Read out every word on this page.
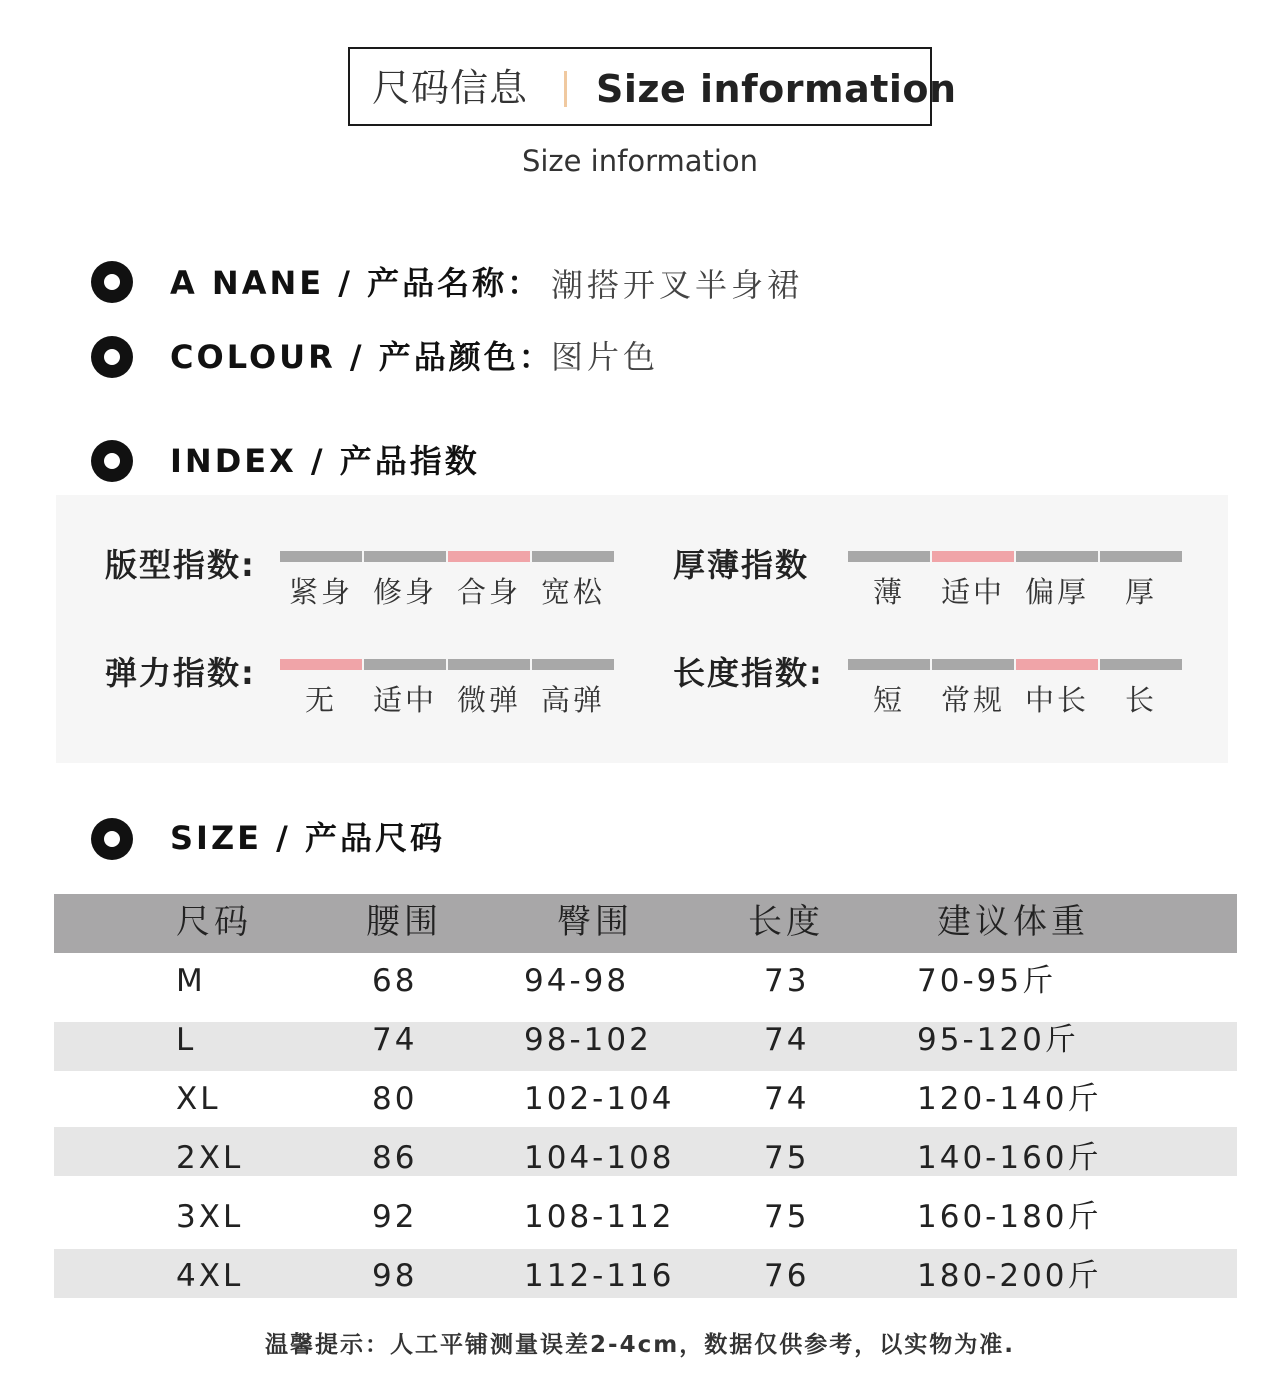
尺码信息 Size information
Size information
A NANE / 产品名称： 潮搭开叉半身裙
COLOUR / 产品颜色：
图片色
INDEX / 产品指数
版型指数:
紧身 修身 合身 宽松
厚薄指数
薄	适中 偏厚	厚
弹力指数:
无	适中 微弹 高弹
长度指数:
短	常规 中长	长
SIZE / 产品尺码
尺码	腰围	臀围	长度	建议体重
M	68	94-98	73	70-95斤
L	74	98-102	74	95-120斤
XL	80	102-104	74	120-140斤
2XL	86	104-108	75	140-160斤
3XL	92	108-112	75	160-180斤
4XL	98	112-116	76	180-200斤
温馨提示：人工平铺测量误差2-4cm，数据仅供参考，以实物为准.
